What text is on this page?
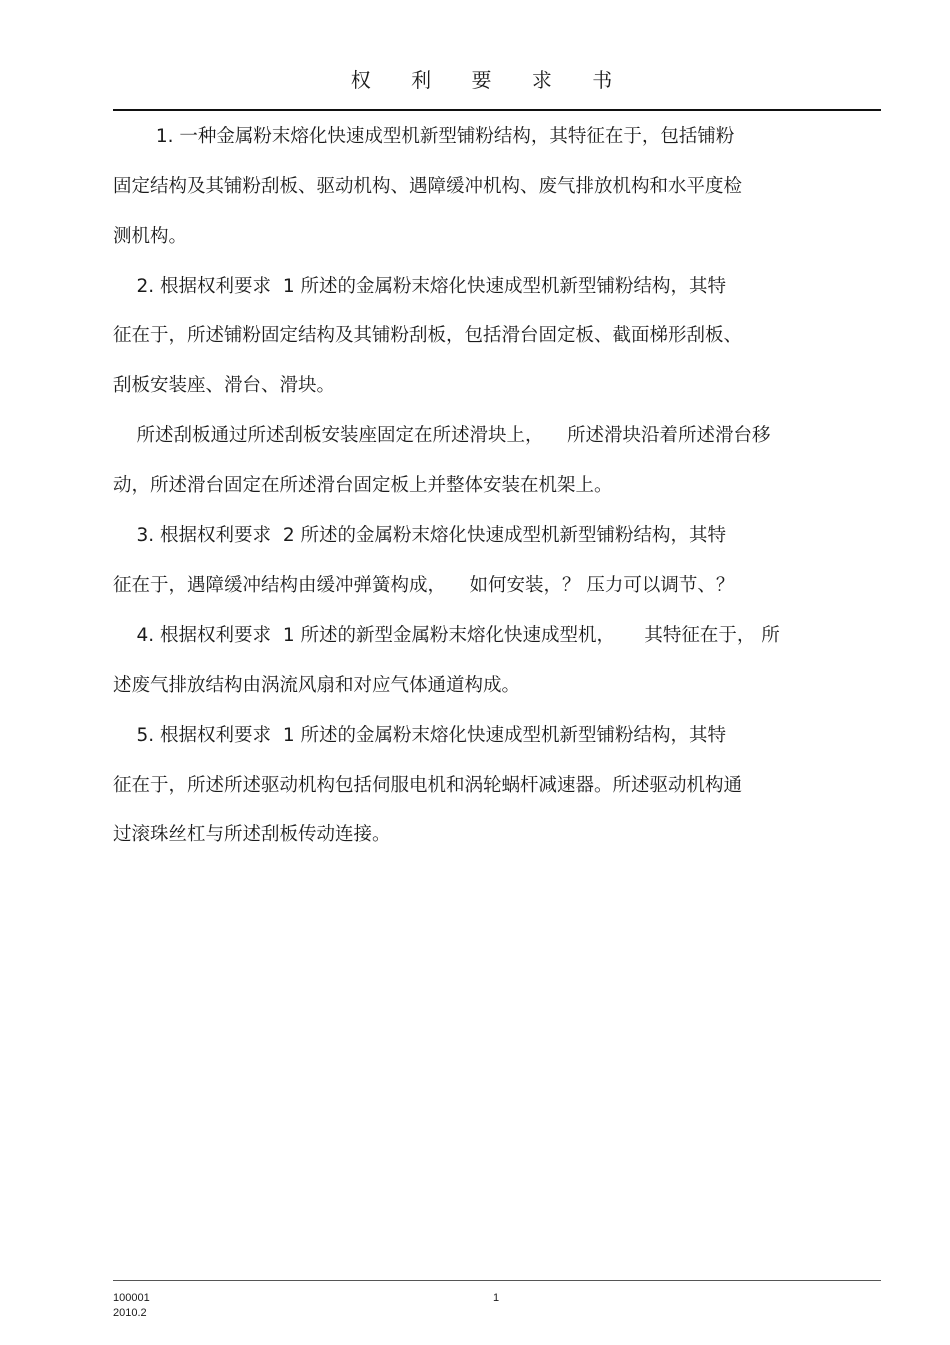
权 利 要 求 书
1. 一种金属粉末熔化快速成型机新型铺粉结构，其特征在于，包括铺粉
固定结构及其铺粉刮板、驱动机构、遇障缓冲机构、废气排放机构和水平度检
测机构。
2. 根据权利要求  1 所述的金属粉末熔化快速成型机新型铺粉结构，其特
征在于，所述铺粉固定结构及其铺粉刮板，包括滑台固定板、截面梯形刮板、
刮板安装座、滑台、滑块。
所述刮板通过所述刮板安装座固定在所述滑块上，    所述滑块沿着所述滑台移
动，所述滑台固定在所述滑台固定板上并整体安装在机架上。
3. 根据权利要求  2 所述的金属粉末熔化快速成型机新型铺粉结构，其特
征在于，遇障缓冲结构由缓冲弹簧构成，    如何安装，？ 压力可以调节、？
4. 根据权利要求  1 所述的新型金属粉末熔化快速成型机，     其特征在于， 所
述废气排放结构由涡流风扇和对应气体通道构成。
5. 根据权利要求  1 所述的金属粉末熔化快速成型机新型铺粉结构，其特
征在于，所述所述驱动机构包括伺服电机和涡轮蜗杆减速器。所述驱动机构通
过滚珠丝杠与所述刮板传动连接。
100001
2010.2
1
